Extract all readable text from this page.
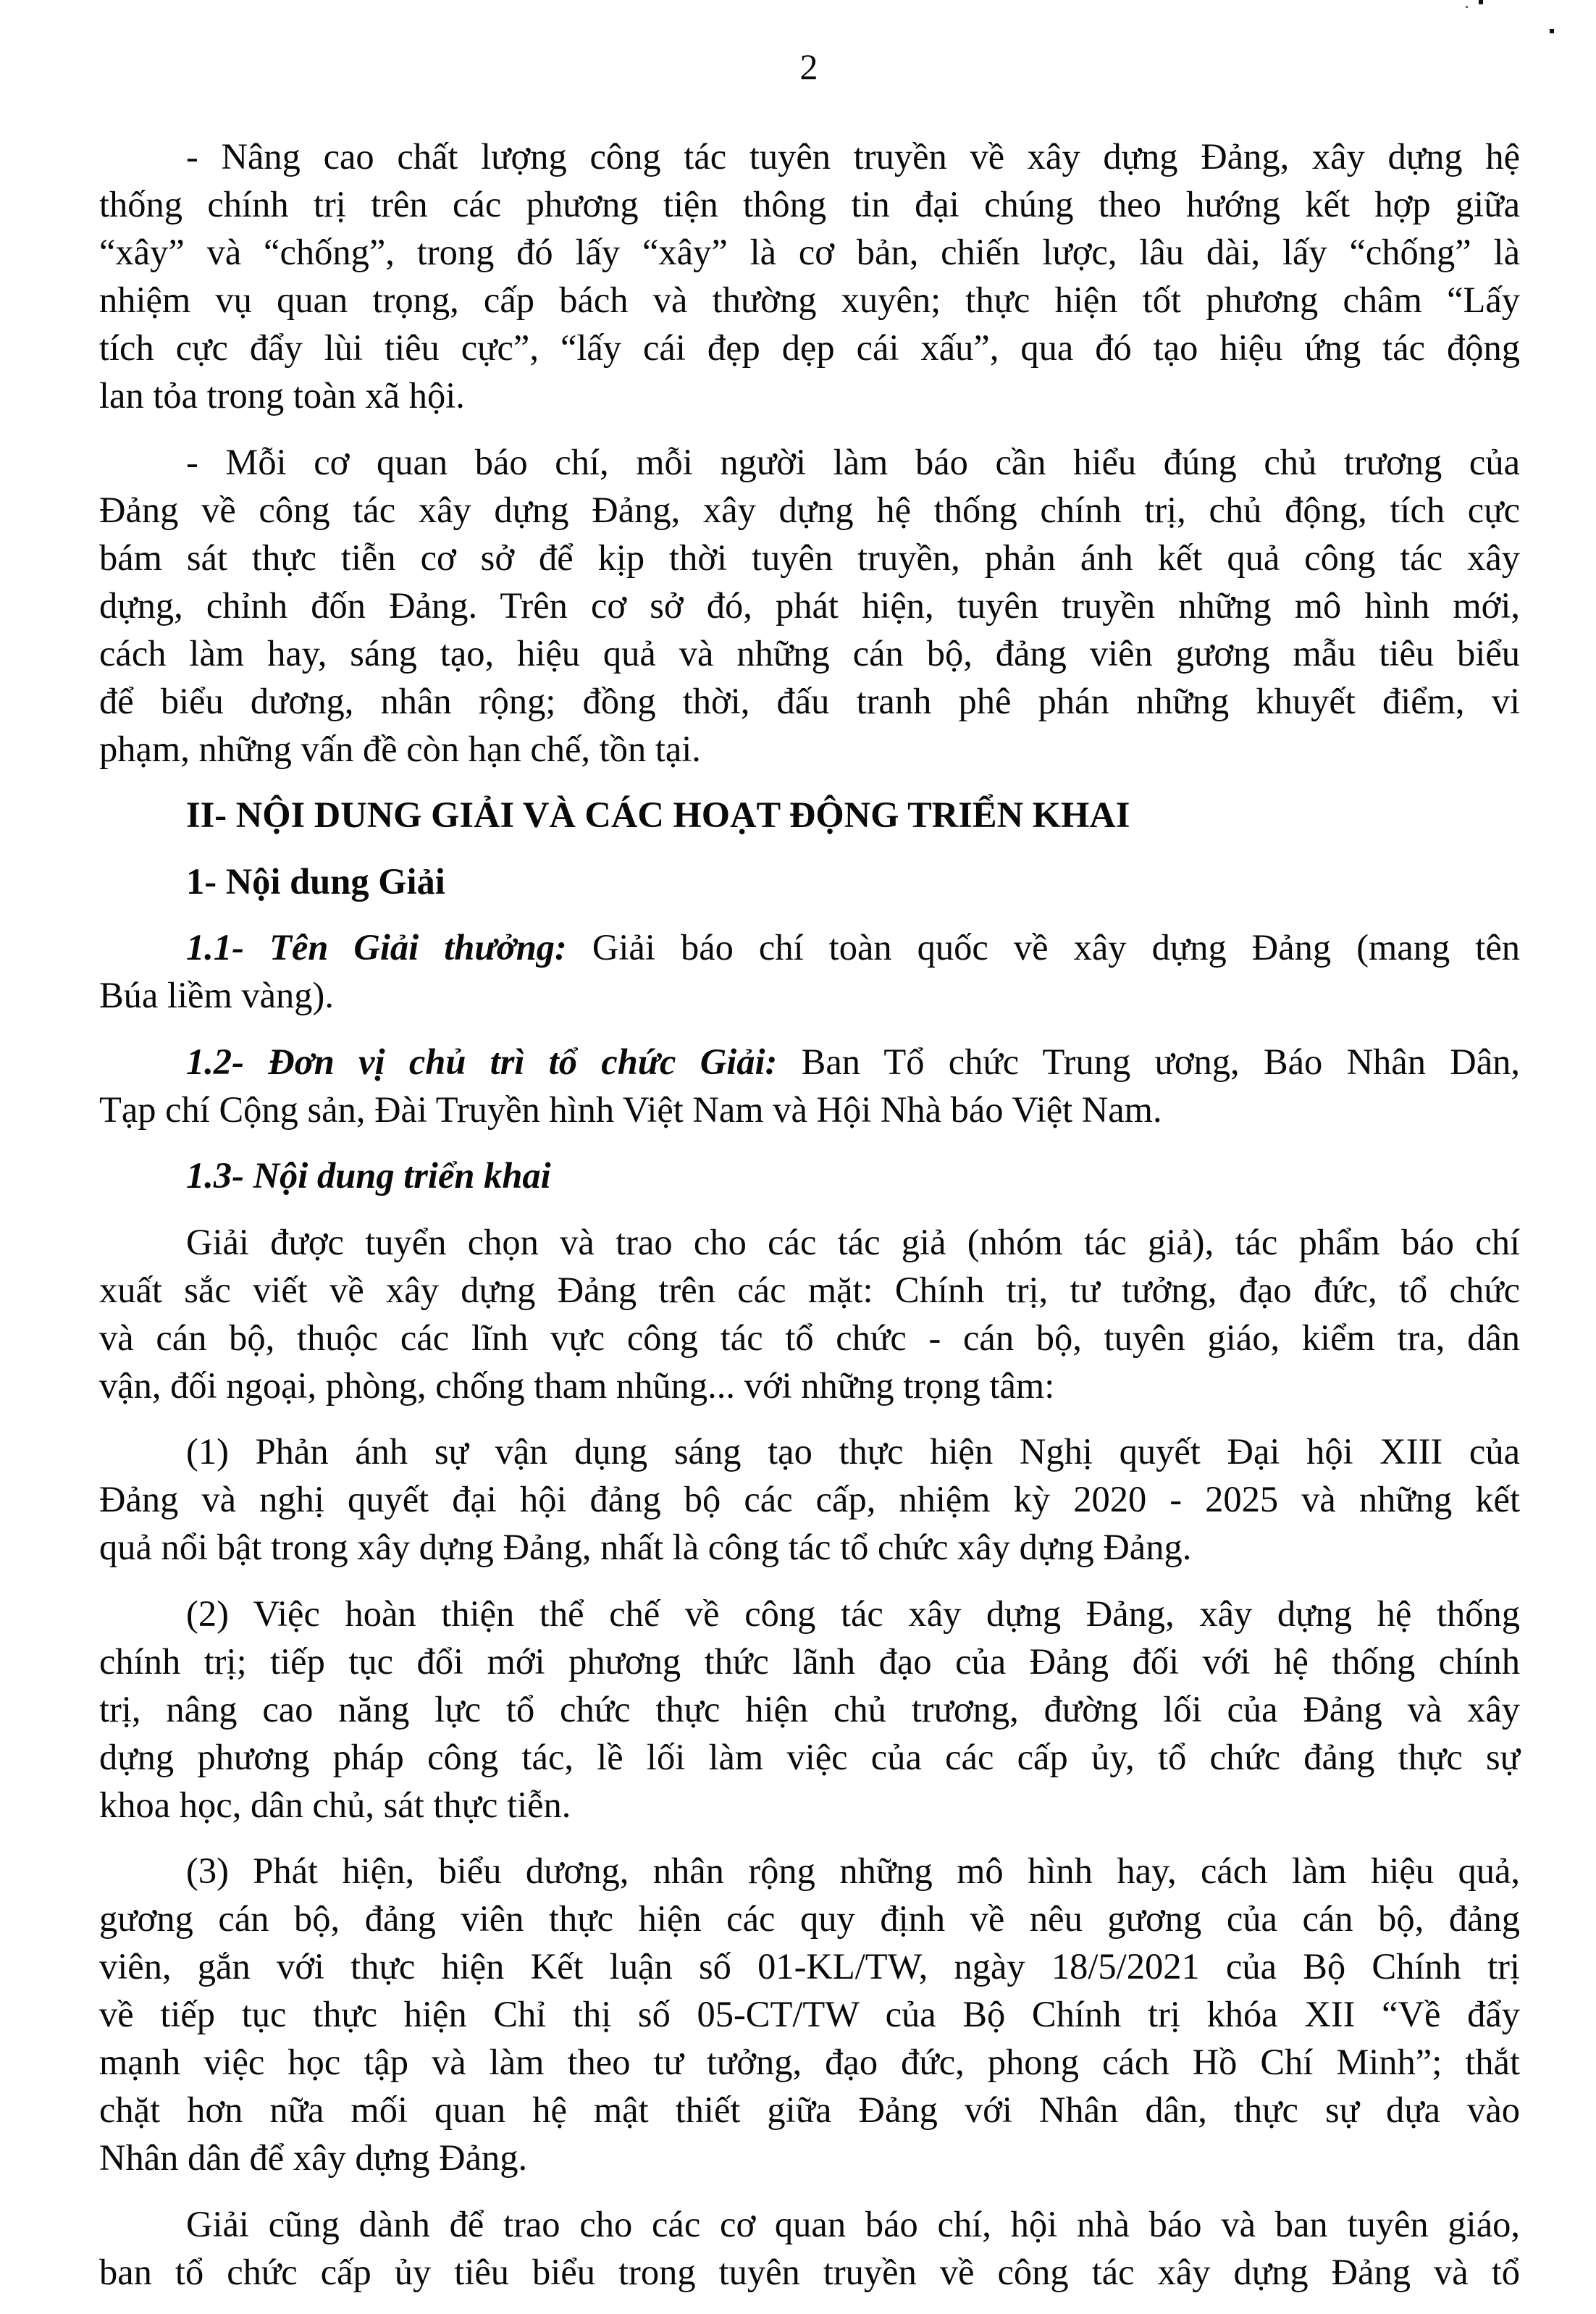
2
- Nâng cao chất lượng công tác tuyên truyền về xây dựng Đảng, xây dựng hệ
thống chính trị trên các phương tiện thông tin đại chúng theo hướng kết hợp giữa
“xây” và “chống”, trong đó lấy “xây” là cơ bản, chiến lược, lâu dài, lấy “chống” là
nhiệm vụ quan trọng, cấp bách và thường xuyên; thực hiện tốt phương châm “Lấy
tích cực đẩy lùi tiêu cực”, “lấy cái đẹp dẹp cái xấu”, qua đó tạo hiệu ứng tác động
lan tỏa trong toàn xã hội.
- Mỗi cơ quan báo chí, mỗi người làm báo cần hiểu đúng chủ trương của
Đảng về công tác xây dựng Đảng, xây dựng hệ thống chính trị, chủ động, tích cực
bám sát thực tiễn cơ sở để kịp thời tuyên truyền, phản ánh kết quả công tác xây
dựng, chỉnh đốn Đảng. Trên cơ sở đó, phát hiện, tuyên truyền những mô hình mới,
cách làm hay, sáng tạo, hiệu quả và những cán bộ, đảng viên gương mẫu tiêu biểu
để biểu dương, nhân rộng; đồng thời, đấu tranh phê phán những khuyết điểm, vi
phạm, những vấn đề còn hạn chế, tồn tại.
II- NỘI DUNG GIẢI VÀ CÁC HOẠT ĐỘNG TRIỂN KHAI
1- Nội dung Giải
1.1- Tên Giải thưởng: Giải báo chí toàn quốc về xây dựng Đảng (mang tên
Búa liềm vàng).
1.2- Đơn vị chủ trì tổ chức Giải: Ban Tổ chức Trung ương, Báo Nhân Dân,
Tạp chí Cộng sản, Đài Truyền hình Việt Nam và Hội Nhà báo Việt Nam.
1.3- Nội dung triển khai
Giải được tuyển chọn và trao cho các tác giả (nhóm tác giả), tác phẩm báo chí
xuất sắc viết về xây dựng Đảng trên các mặt: Chính trị, tư tưởng, đạo đức, tổ chức
và cán bộ, thuộc các lĩnh vực công tác tổ chức - cán bộ, tuyên giáo, kiểm tra, dân
vận, đối ngoại, phòng, chống tham nhũng... với những trọng tâm:
(1) Phản ánh sự vận dụng sáng tạo thực hiện Nghị quyết Đại hội XIII của
Đảng và nghị quyết đại hội đảng bộ các cấp, nhiệm kỳ 2020 - 2025 và những kết
quả nổi bật trong xây dựng Đảng, nhất là công tác tổ chức xây dựng Đảng.
(2) Việc hoàn thiện thể chế về công tác xây dựng Đảng, xây dựng hệ thống
chính trị; tiếp tục đổi mới phương thức lãnh đạo của Đảng đối với hệ thống chính
trị, nâng cao năng lực tổ chức thực hiện chủ trương, đường lối của Đảng và xây
dựng phương pháp công tác, lề lối làm việc của các cấp ủy, tổ chức đảng thực sự
khoa học, dân chủ, sát thực tiễn.
(3) Phát hiện, biểu dương, nhân rộng những mô hình hay, cách làm hiệu quả,
gương cán bộ, đảng viên thực hiện các quy định về nêu gương của cán bộ, đảng
viên, gắn với thực hiện Kết luận số 01-KL/TW, ngày 18/5/2021 của Bộ Chính trị
về tiếp tục thực hiện Chỉ thị số 05-CT/TW của Bộ Chính trị khóa XII “Về đẩy
mạnh việc học tập và làm theo tư tưởng, đạo đức, phong cách Hồ Chí Minh”; thắt
chặt hơn nữa mối quan hệ mật thiết giữa Đảng với Nhân dân, thực sự dựa vào
Nhân dân để xây dựng Đảng.
Giải cũng dành để trao cho các cơ quan báo chí, hội nhà báo và ban tuyên giáo,
ban tổ chức cấp ủy tiêu biểu trong tuyên truyền về công tác xây dựng Đảng và tổ
